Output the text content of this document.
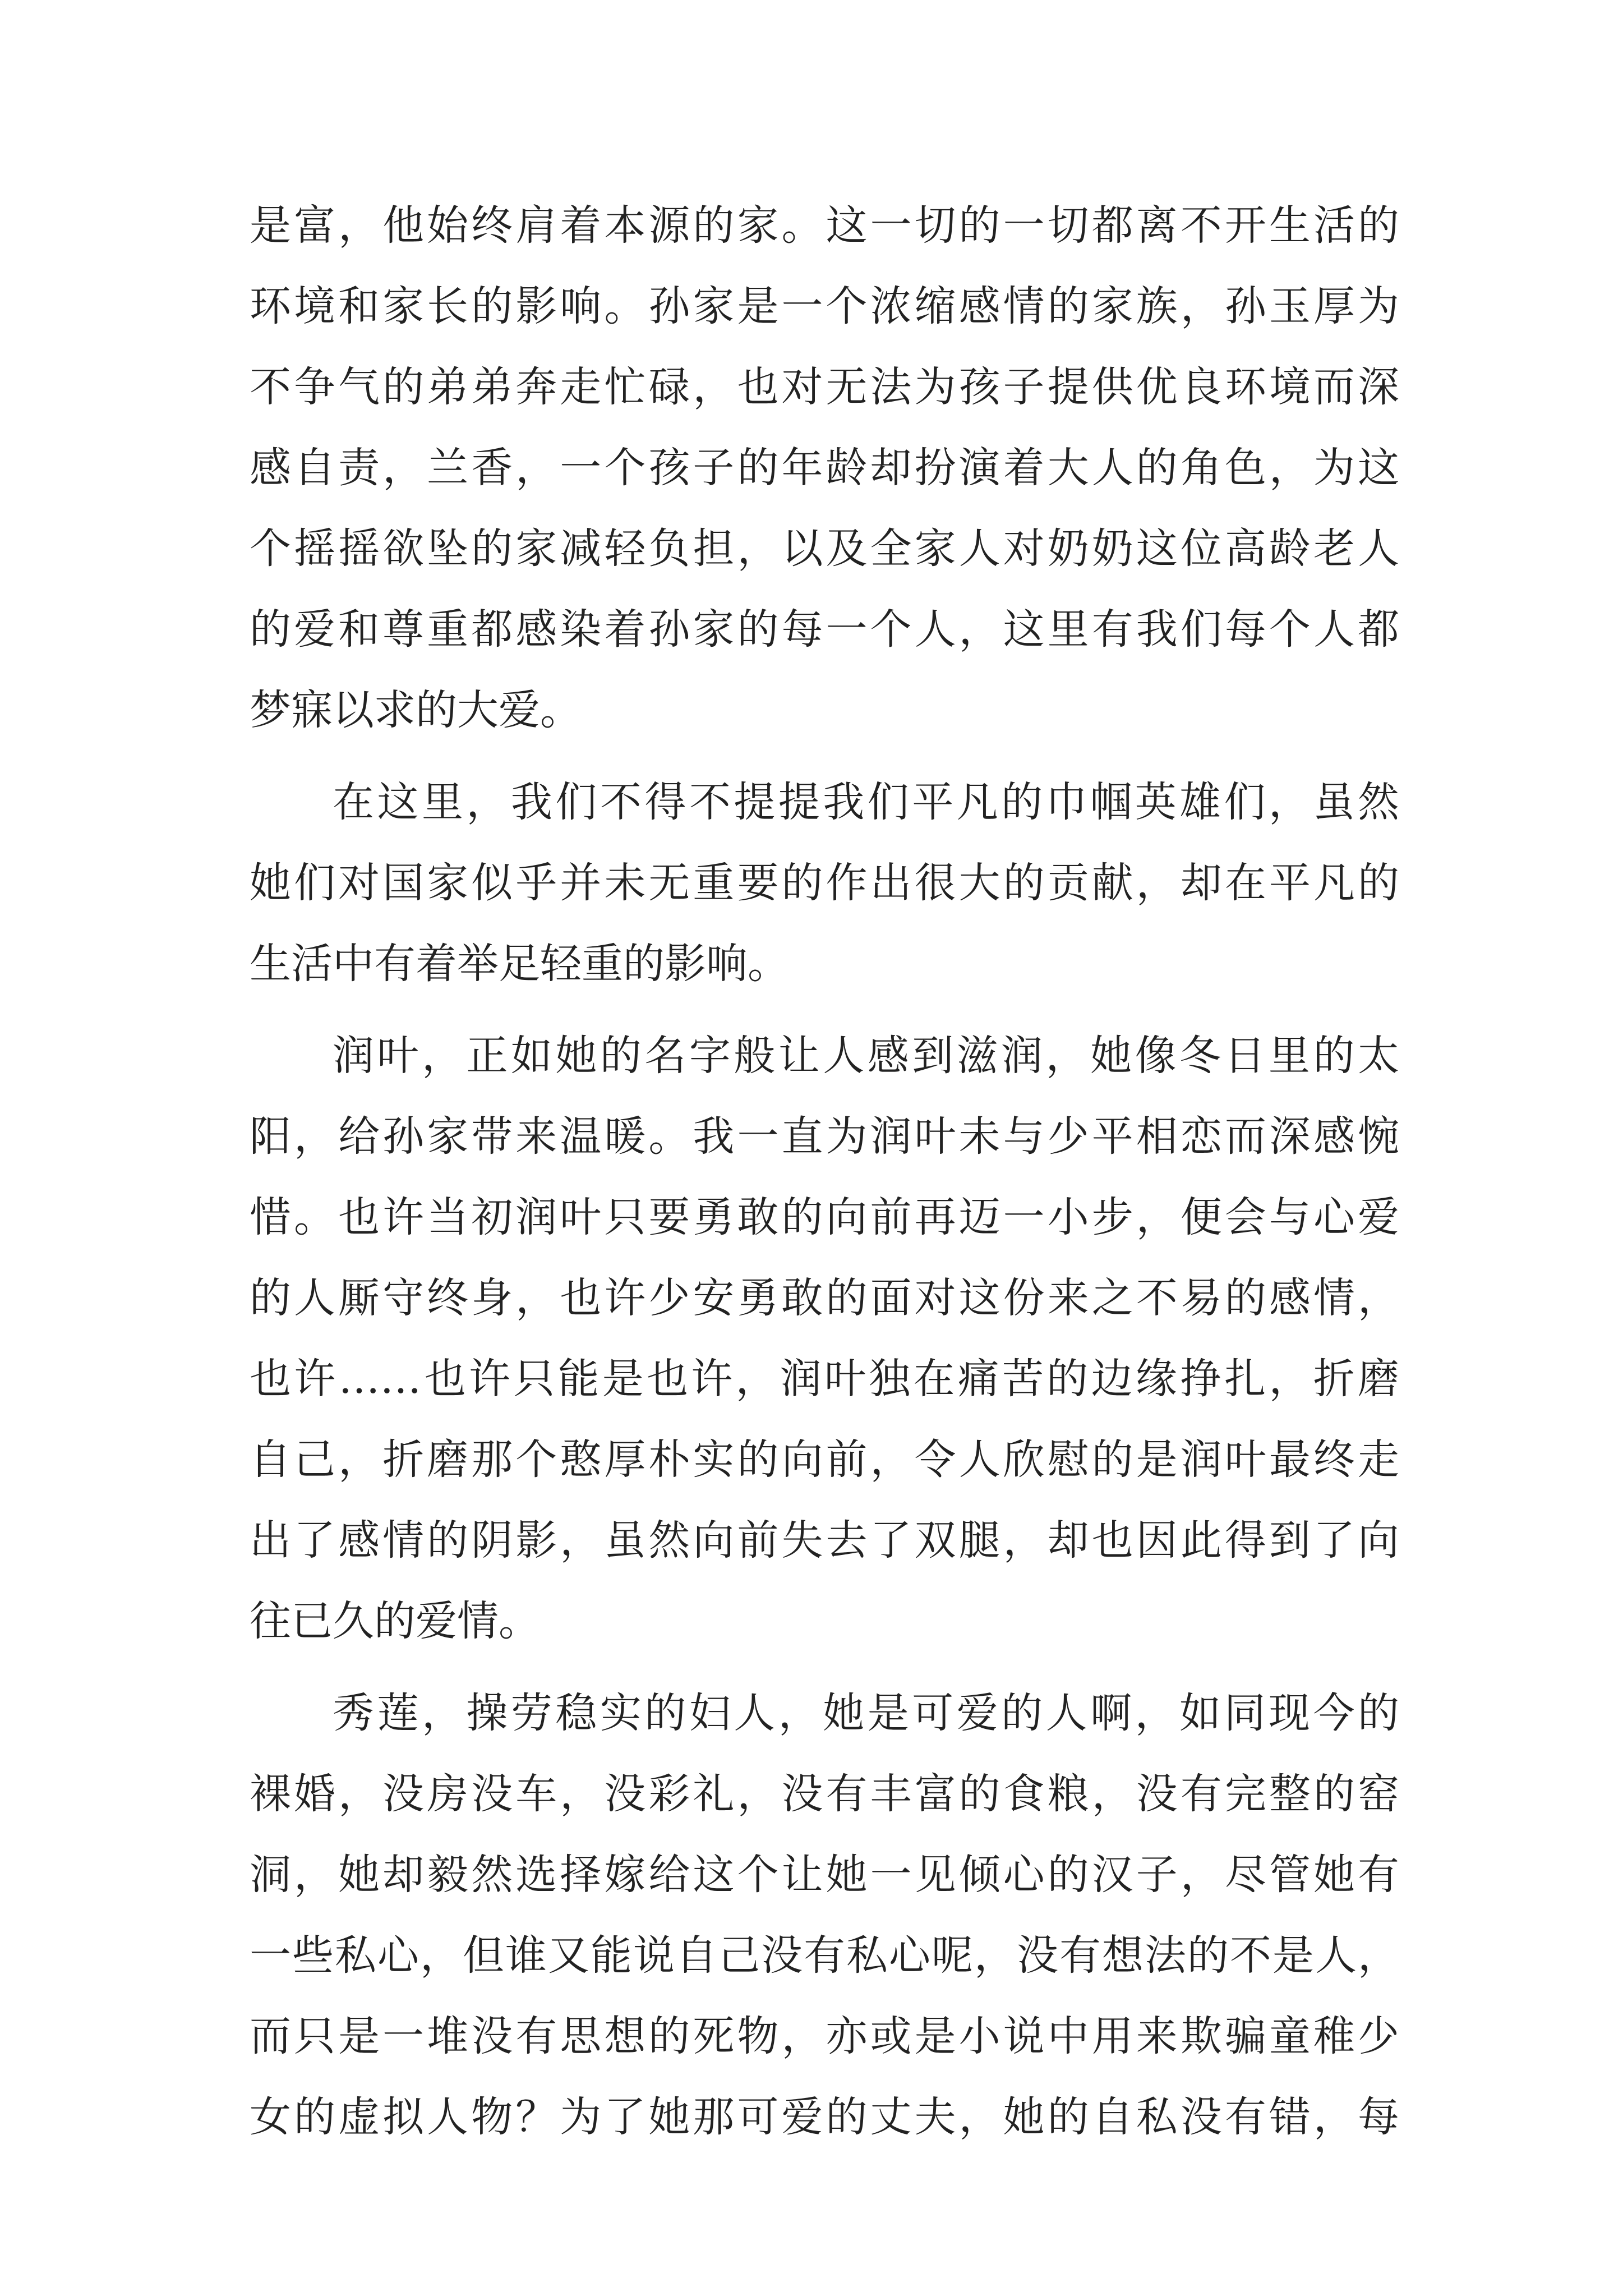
是富，他始终肩着本源的家。这一切的一切都离不开生活的
环境和家长的影响。孙家是一个浓缩感情的家族，孙玉厚为
不争气的弟弟奔走忙碌，也对无法为孩子提供优良环境而深
感自责，兰香，一个孩子的年龄却扮演着大人的角色，为这
个摇摇欲坠的家减轻负担，以及全家人对奶奶这位高龄老人
的爱和尊重都感染着孙家的每一个人，这里有我们每个人都
梦寐以求的大爱。
在这里，我们不得不提提我们平凡的巾帼英雄们，虽然
她们对国家似乎并未无重要的作出很大的贡献，却在平凡的
生活中有着举足轻重的影响。
润叶，正如她的名字般让人感到滋润，她像冬日里的太
阳，给孙家带来温暖。我一直为润叶未与少平相恋而深感惋
惜。也许当初润叶只要勇敢的向前再迈一小步，便会与心爱
的人厮守终身，也许少安勇敢的面对这份来之不易的感情，
也许……也许只能是也许，润叶独在痛苦的边缘挣扎，折磨
自己，折磨那个憨厚朴实的向前，令人欣慰的是润叶最终走
出了感情的阴影，虽然向前失去了双腿，却也因此得到了向
往已久的爱情。
秀莲，操劳稳实的妇人，她是可爱的人啊，如同现今的
裸婚，没房没车，没彩礼，没有丰富的食粮，没有完整的窑
洞，她却毅然选择嫁给这个让她一见倾心的汉子，尽管她有
一些私心，但谁又能说自己没有私心呢，没有想法的不是人，
而只是一堆没有思想的死物，亦或是小说中用来欺骗童稚少
女的虚拟人物？为了她那可爱的丈夫，她的自私没有错，每
